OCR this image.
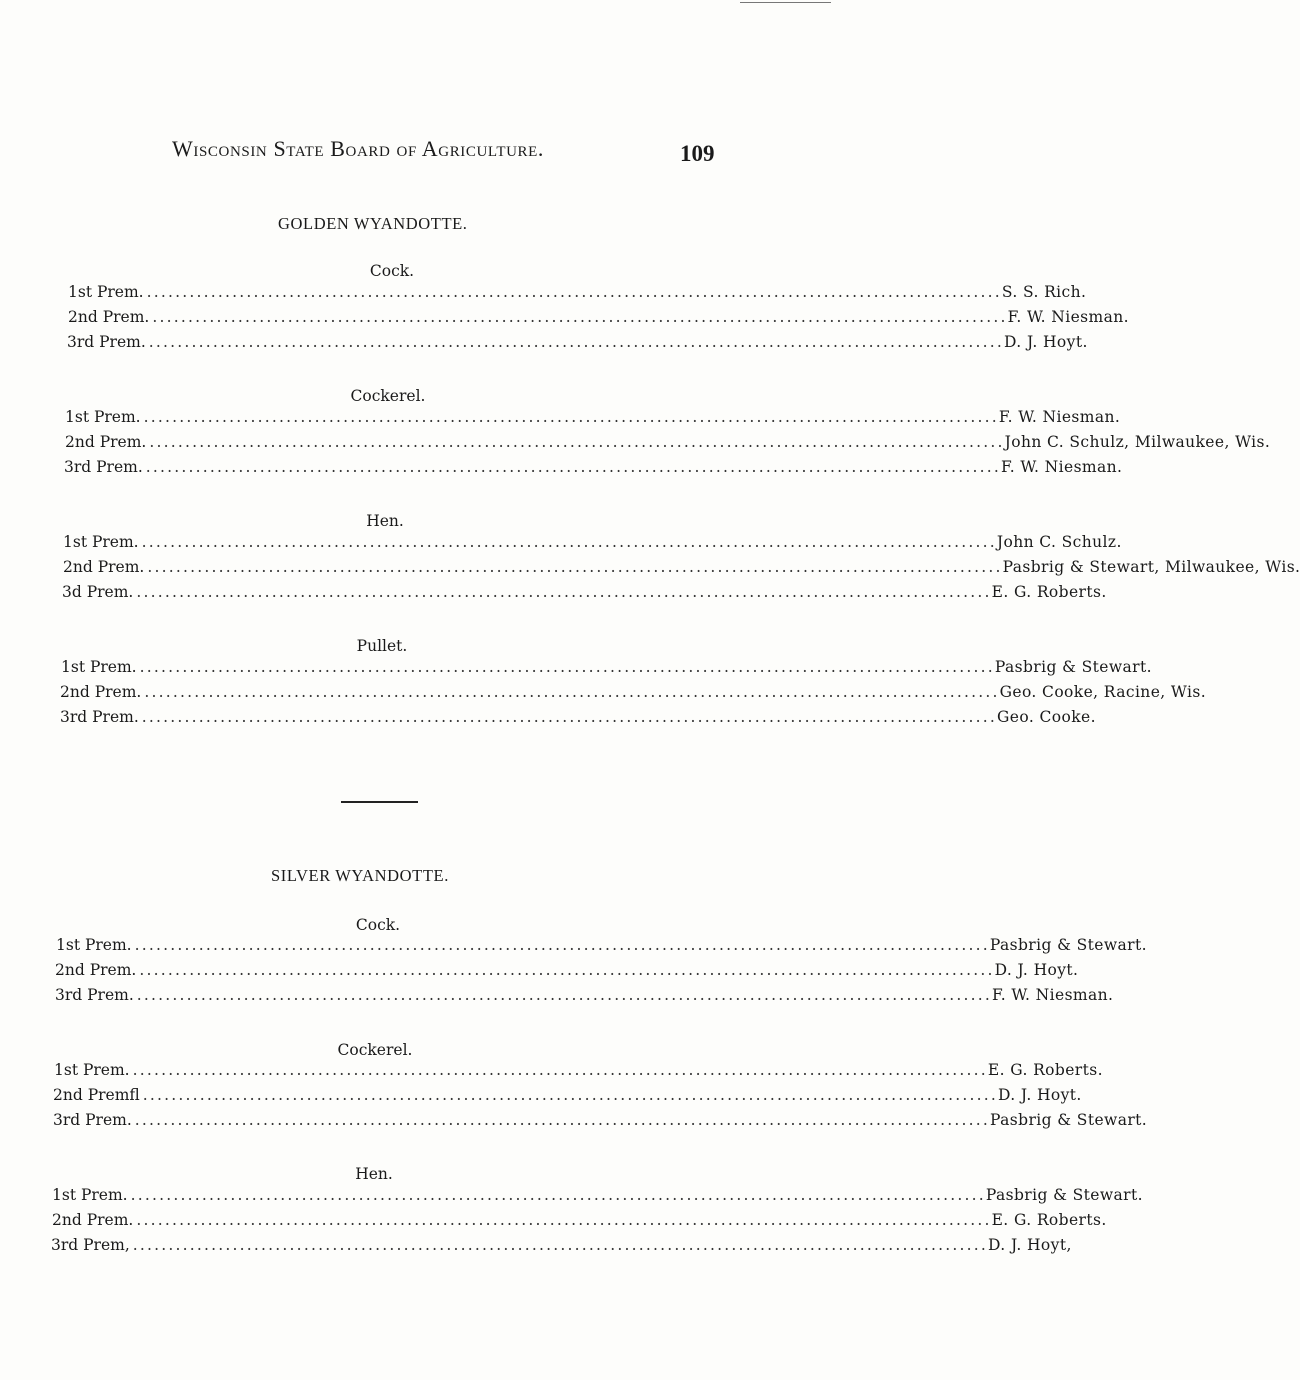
Wisconsin State Board of Agriculture.	109
GOLDEN WYANDOTTE.
Cock.
1st Prem. ........................................................................................................................ S. S. Rich.
2nd Prem. ........................................................................................................................ F. W. Niesman.
3rd Prem. ........................................................................................................................ D. J. Hoyt.
Cockerel.
1st Prem. ........................................................................................................................ F. W. Niesman.
2nd Prem. ........................................................................................................................ John C. Schulz, Milwaukee, Wis.
3rd Prem. ........................................................................................................................ F. W. Niesman.
Hen.
1st Prem. ........................................................................................................................ John C. Schulz.
2nd Prem. ........................................................................................................................ Pasbrig & Stewart, Milwaukee, Wis.
3d Prem. ........................................................................................................................ E. G. Roberts.
Pullet.
1st Prem. ........................................................................................................................ Pasbrig & Stewart.
2nd Prem. ........................................................................................................................ Geo. Cooke, Racine, Wis.
3rd Prem. ........................................................................................................................ Geo. Cooke.
SILVER WYANDOTTE.
Cock.
1st Prem. ........................................................................................................................ Pasbrig & Stewart.
2nd Prem. ........................................................................................................................ D. J. Hoyt.
3rd Prem. ........................................................................................................................ F. W. Niesman.
Cockerel.
1st Prem. ........................................................................................................................ E. G. Roberts.
2nd Premfl ........................................................................................................................ D. J. Hoyt.
3rd Prem. ........................................................................................................................ Pasbrig & Stewart.
Hen.
1st Prem. ........................................................................................................................ Pasbrig & Stewart.
2nd Prem. ........................................................................................................................ E. G. Roberts.
3rd Prem, ........................................................................................................................ D. J. Hoyt,
